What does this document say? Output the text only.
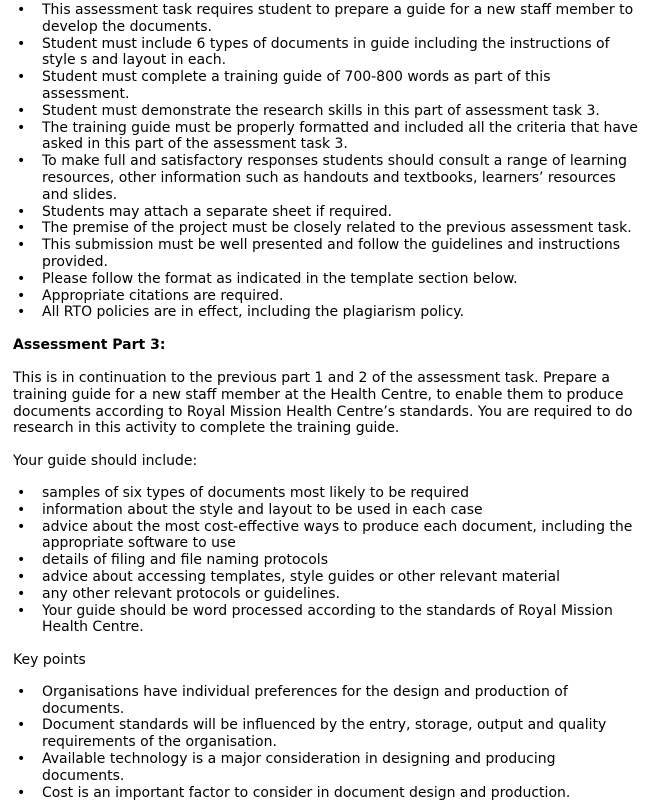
• This assessment task requires student to prepare a guide for a new staff member to develop the documents.
• Student must include 6 types of documents in guide including the instructions of style s and layout in each.
• Student must complete a training guide of 700-800 words as part of this assessment.
• Student must demonstrate the research skills in this part of assessment task 3.
• The training guide must be properly formatted and included all the criteria that have asked in this part of the assessment task 3.
• To make full and satisfactory responses students should consult a range of learning resources, other information such as handouts and textbooks, learners’ resources and slides.
• Students may attach a separate sheet if required.
• The premise of the project must be closely related to the previous assessment task.
• This submission must be well presented and follow the guidelines and instructions provided.
• Please follow the format as indicated in the template section below.
• Appropriate citations are required.
• All RTO policies are in effect, including the plagiarism policy.
Assessment Part 3:

This is in continuation to the previous part 1 and 2 of the assessment task. Prepare a training guide for a new staff member at the Health Centre, to enable them to produce documents according to Royal Mission Health Centre’s standards. You are required to do research in this activity to complete the training guide.

Your guide should include:

• samples of six types of documents most likely to be required
• information about the style and layout to be used in each case
• advice about the most cost-effective ways to produce each document, including the appropriate software to use
• details of filing and file naming protocols
• advice about accessing templates, style guides or other relevant material
• any other relevant protocols or guidelines.
• Your guide should be word processed according to the standards of Royal Mission Health Centre.

Key points

• Organisations have individual preferences for the design and production of documents.
• Document standards will be influenced by the entry, storage, output and quality requirements of the organisation.
• Available technology is a major consideration in designing and producing documents.
• Cost is an important factor to consider in document design and production.
